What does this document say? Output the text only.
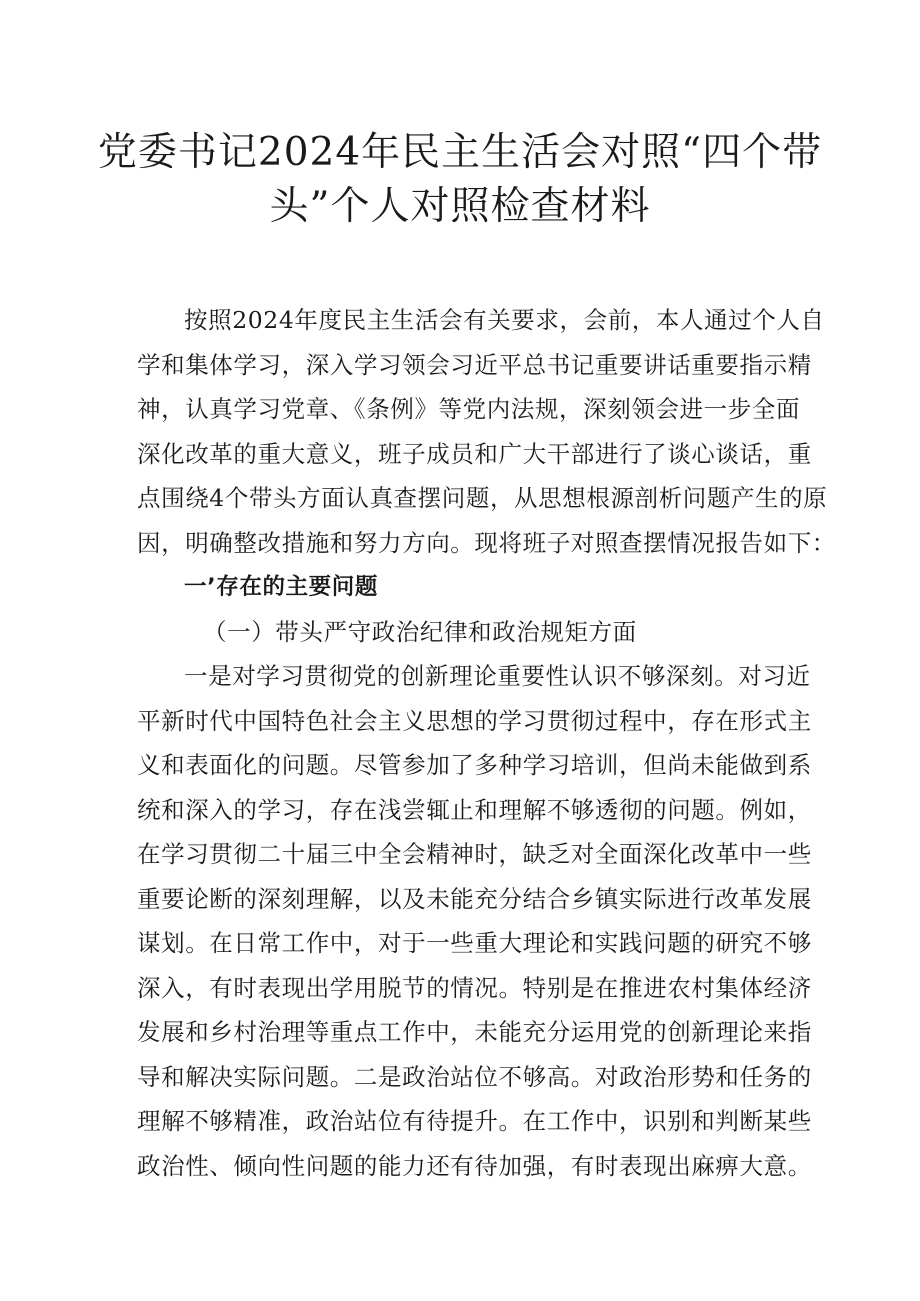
党委书记2024年民主生活会对照“四个带
头”个人对照检查材料
按照2024年度民主生活会有关要求，会前，本人通过个人自
学和集体学习，深入学习领会习近平总书记重要讲话重要指示精
神，认真学习党章、《条例》等党内法规，深刻领会进一步全面
深化改革的重大意义，班子成员和广大干部进行了谈心谈话，重
点围绕4个带头方面认真查摆问题，从思想根源剖析问题产生的原
因，明确整改措施和努力方向。现将班子对照查摆情况报告如下：
一’存在的主要问题
（一）带头严守政治纪律和政治规矩方面
一是对学习贯彻党的创新理论重要性认识不够深刻。对习近
平新时代中国特色社会主义思想的学习贯彻过程中，存在形式主
义和表面化的问题。尽管参加了多种学习培训，但尚未能做到系
统和深入的学习，存在浅尝辄止和理解不够透彻的问题。例如，
在学习贯彻二十届三中全会精神时，缺乏对全面深化改革中一些
重要论断的深刻理解，以及未能充分结合乡镇实际进行改革发展
谋划。在日常工作中，对于一些重大理论和实践问题的研究不够
深入，有时表现出学用脱节的情况。特别是在推进农村集体经济
发展和乡村治理等重点工作中，未能充分运用党的创新理论来指
导和解决实际问题。二是政治站位不够高。对政治形势和任务的
理解不够精准，政治站位有待提升。在工作中，识别和判断某些
政治性、倾向性问题的能力还有待加强，有时表现出麻痹大意。
